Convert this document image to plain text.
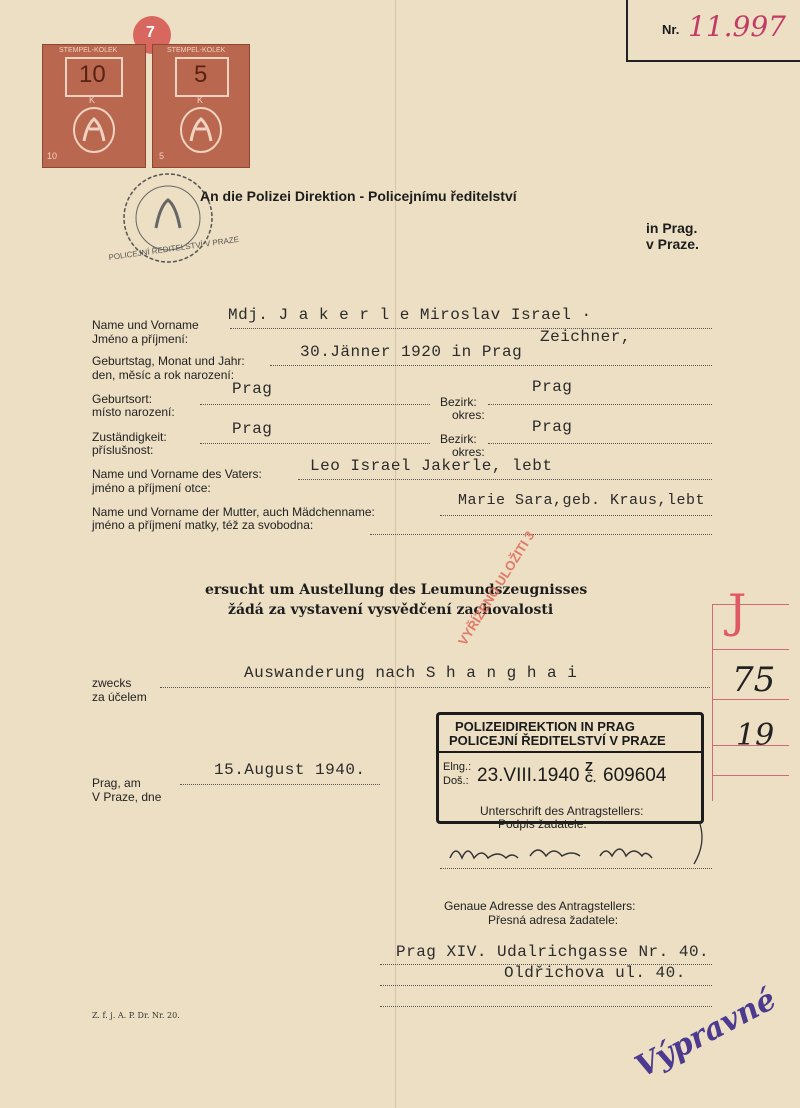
Nr. 11.997
7
STEMPEL-KOLEK
10
K
10
STEMPEL-KOLEK
5
K
5
POLICEJNÍ ŘEDITELSTVÍ V PRAZE
An die Polizei Direktion - Policejnímu ředitelství
in Prag.
v Praze.
Name und Vorname
Jméno a příjmení:
Mdj. J a k e r l e Miroslav Israel ·
Zeichner,
Geburtstag, Monat und Jahr:
den, měsíc a rok narození:
30.Jänner 1920 in Prag
Geburtsort:
místo narození:
Prag
Bezirk:
okres:
Prag
Zuständigkeit:
příslušnost:
Prag
Bezirk:
okres:
Prag
Name und Vorname des Vaters:
jméno a příjmení otce:
Leo Israel Jakerle, lebt
Name und Vorname der Mutter, auch Mädchenname:
jméno a příjmení matky, též za svobodna:
Marie Sara,geb. Kraus,lebt
ersucht um Austellung des Leumundszeugnisses
žádá za vystavení vysvědčení zachovalosti
VYŘÍZENO ULOŽITI 3
zwecks
za účelem
Auswanderung nach S h a n g h a i
POLIZEIDIREKTION IN PRAG
POLICEJNÍ ŘEDITELSTVÍ V PRAZE
Elng.:
Doš.: 23.VIII.1940 Z
Č. 609604
Prag, am
V Praze, dne
15.August 1940.
Unterschrift des Antragstellers:
Podpis žadatele:
Genaue Adresse des Antragstellers:
Přesná adresa žadatele:
Prag XIV. Udalrichgasse Nr. 40.
Oldřichova ul. 40.
J
75
19
Z. f. j. A. P. Dr. Nr. 20.	Výpravné
